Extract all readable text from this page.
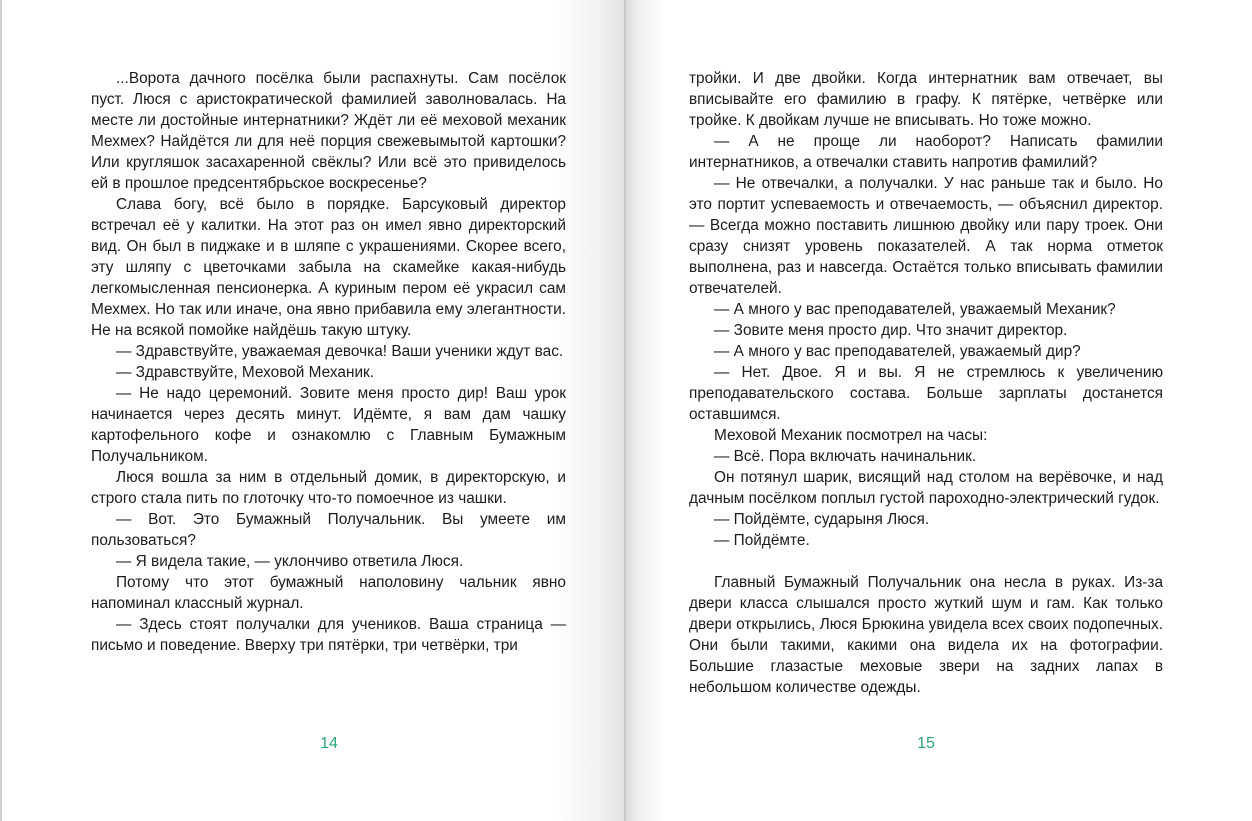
...Ворота дачного посёлка были распахнуты. Сам посёлок пуст. Люся с аристократической фамилией заволновалась. На месте ли достойные интернатники? Ждёт ли её меховой механик Мехмех? Найдётся ли для неё порция свежевымытой картошки? Или кругляшок засахаренной свёклы? Или всё это привиделось ей в прошлое предсентябрьское воскресенье?

Слава богу, всё было в порядке. Барсуковый директор встречал её у калитки. На этот раз он имел явно директорский вид. Он был в пиджаке и в шляпе с украшениями. Скорее всего, эту шляпу с цветочками забыла на скамейке какая-нибудь легкомысленная пенсионерка. А куриным пером её украсил сам Мехмех. Но так или иначе, она явно прибавила ему элегантности. Не на всякой помойке найдёшь такую штуку.

— Здравствуйте, уважаемая девочка! Ваши ученики ждут вас.

— Здравствуйте, Меховой Механик.

— Не надо церемоний. Зовите меня просто дир! Ваш урок начинается через десять минут. Идёмте, я вам дам чашку картофельного кофе и ознакомлю с Главным Бумажным Получальником.

Люся вошла за ним в отдельный домик, в директорскую, и строго стала пить по глоточку что-то помоечное из чашки.

— Вот. Это Бумажный Получальник. Вы умеете им пользоваться?

— Я видела такие, — уклончиво ответила Люся.

Потому что этот бумажный наполовину чальник явно напоминал классный журнал.

— Здесь стоят получалки для учеников. Ваша страница — письмо и поведение. Вверху три пятёрки, три четвёрки, три

14

тройки. И две двойки. Когда интернатник вам отвечает, вы вписывайте его фамилию в графу. К пятёрке, четвёрке или тройке. К двойкам лучше не вписывать. Но тоже можно.

— А не проще ли наоборот? Написать фамилии интернатников, а отвечалки ставить напротив фамилий?

— Не отвечалки, а получалки. У нас раньше так и было. Но это портит успеваемость и отвечаемость, — объяснил директор. — Всегда можно поставить лишнюю двойку или пару троек. Они сразу снизят уровень показателей. А так норма отметок выполнена, раз и навсегда. Остаётся только вписывать фамилии отвечателей.

— А много у вас преподавателей, уважаемый Механик?

— Зовите меня просто дир. Что значит директор.

— А много у вас преподавателей, уважаемый дир?

— Нет. Двое. Я и вы. Я не стремлюсь к увеличению преподавательского состава. Больше зарплаты достанется оставшимся.

Меховой Механик посмотрел на часы:

— Всё. Пора включать начинальник.

Он потянул шарик, висящий над столом на верёвочке, и над дачным посёлком поплыл густой пароходно-электрический гудок.

— Пойдёмте, сударыня Люся.

— Пойдёмте.

Главный Бумажный Получальник она несла в руках. Из-за двери класса слышался просто жуткий шум и гам. Как только двери открылись, Люся Брюкина увидела всех своих подопечных. Они были такими, какими она видела их на фотографии. Большие глазастые меховые звери на задних лапах в небольшом количестве одежды.

15
